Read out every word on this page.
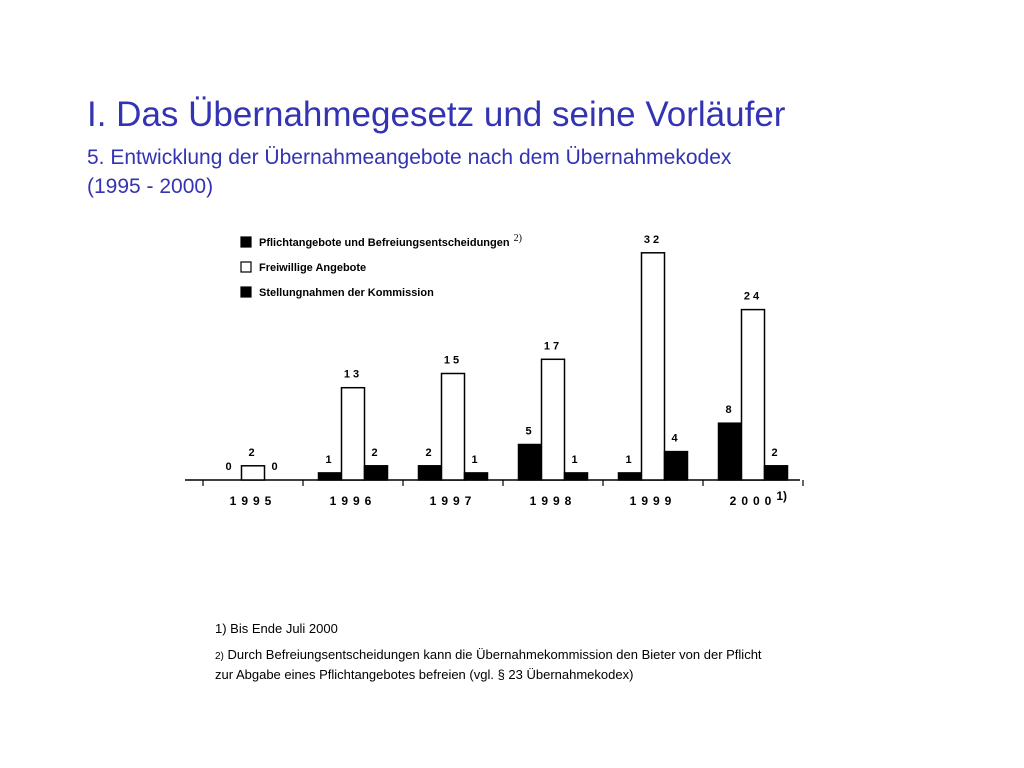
I. Das Übernahmegesetz und seine Vorläufer
5. Entwicklung der Übernahmeangebote nach dem Übernahmekodex
(1995 - 2000)
Pflichtangebote und Befreiungsentscheidungen 2)
Freiwillige Angebote
Stellungnahmen der Kommission
0
2
0
1995
1
13
2
1996
2
15
1
1997
5
17
1
1998
1
32
4
1999
8
24
2
2000 1)
1) Bis Ende Juli 2000
2) Durch Befreiungsentscheidungen kann die Übernahmekommission den Bieter von der Pflicht zur Abgabe eines Pflichtangebotes befreien (vgl. § 23 Übernahmekodex)
